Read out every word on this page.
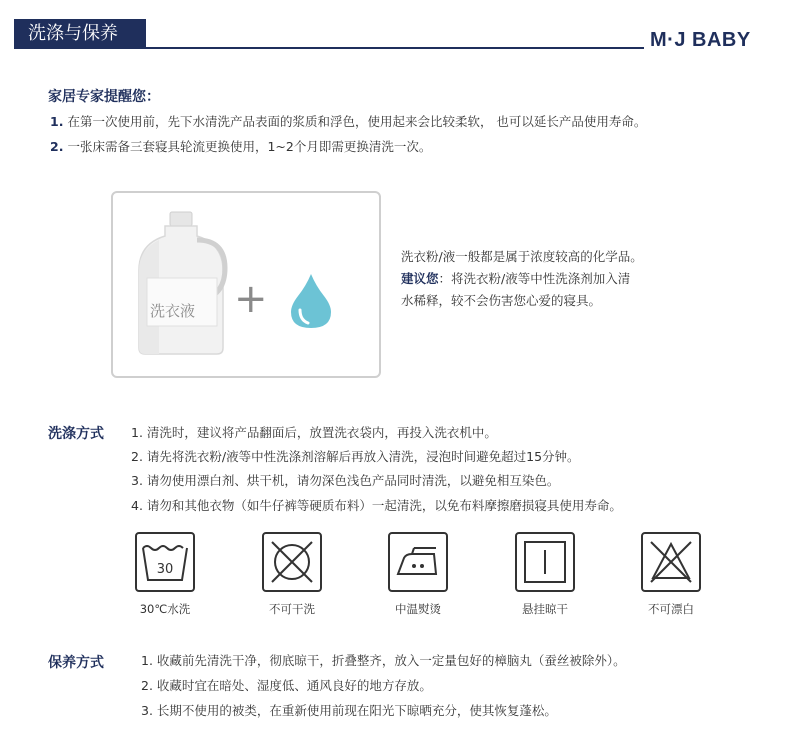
洗涤与保养	M·J BABY
家居专家提醒您：
1. 在第一次使用前，先下水清洗产品表面的浆质和浮色，使用起来会比较柔软， 也可以延长产品使用寿命。
2. 一张床需备三套寝具轮流更换使用，1~2个月即需更换清洗一次。
洗衣液 +
洗衣粉/液一般都是属于浓度较高的化学品。
建议您：将洗衣粉/液等中性洗涤剂加入清
水稀释，较不会伤害您心爱的寝具。
洗涤方式 1. 清洗时，建议将产品翻面后，放置洗衣袋内，再投入洗衣机中。
2. 请先将洗衣粉/液等中性洗涤剂溶解后再放入清洗，浸泡时间避免超过15分钟。
3. 请勿使用漂白剂、烘干机，请勿深色浅色产品同时清洗，以避免相互染色。
4. 请勿和其他衣物（如牛仔裤等硬质布料）一起清洗，以免布料摩擦磨损寝具使用寿命。
30
30℃水洗	不可干洗	中温熨烫	悬挂晾干	不可漂白
保养方式	1. 收藏前先清洗干净，彻底晾干，折叠整齐，放入一定量包好的樟脑丸（蚕丝被除外）。
2. 收藏时宜在暗处、湿度低、通风良好的地方存放。
3. 长期不使用的被类，在重新使用前现在阳光下晾晒充分，使其恢复蓬松。
